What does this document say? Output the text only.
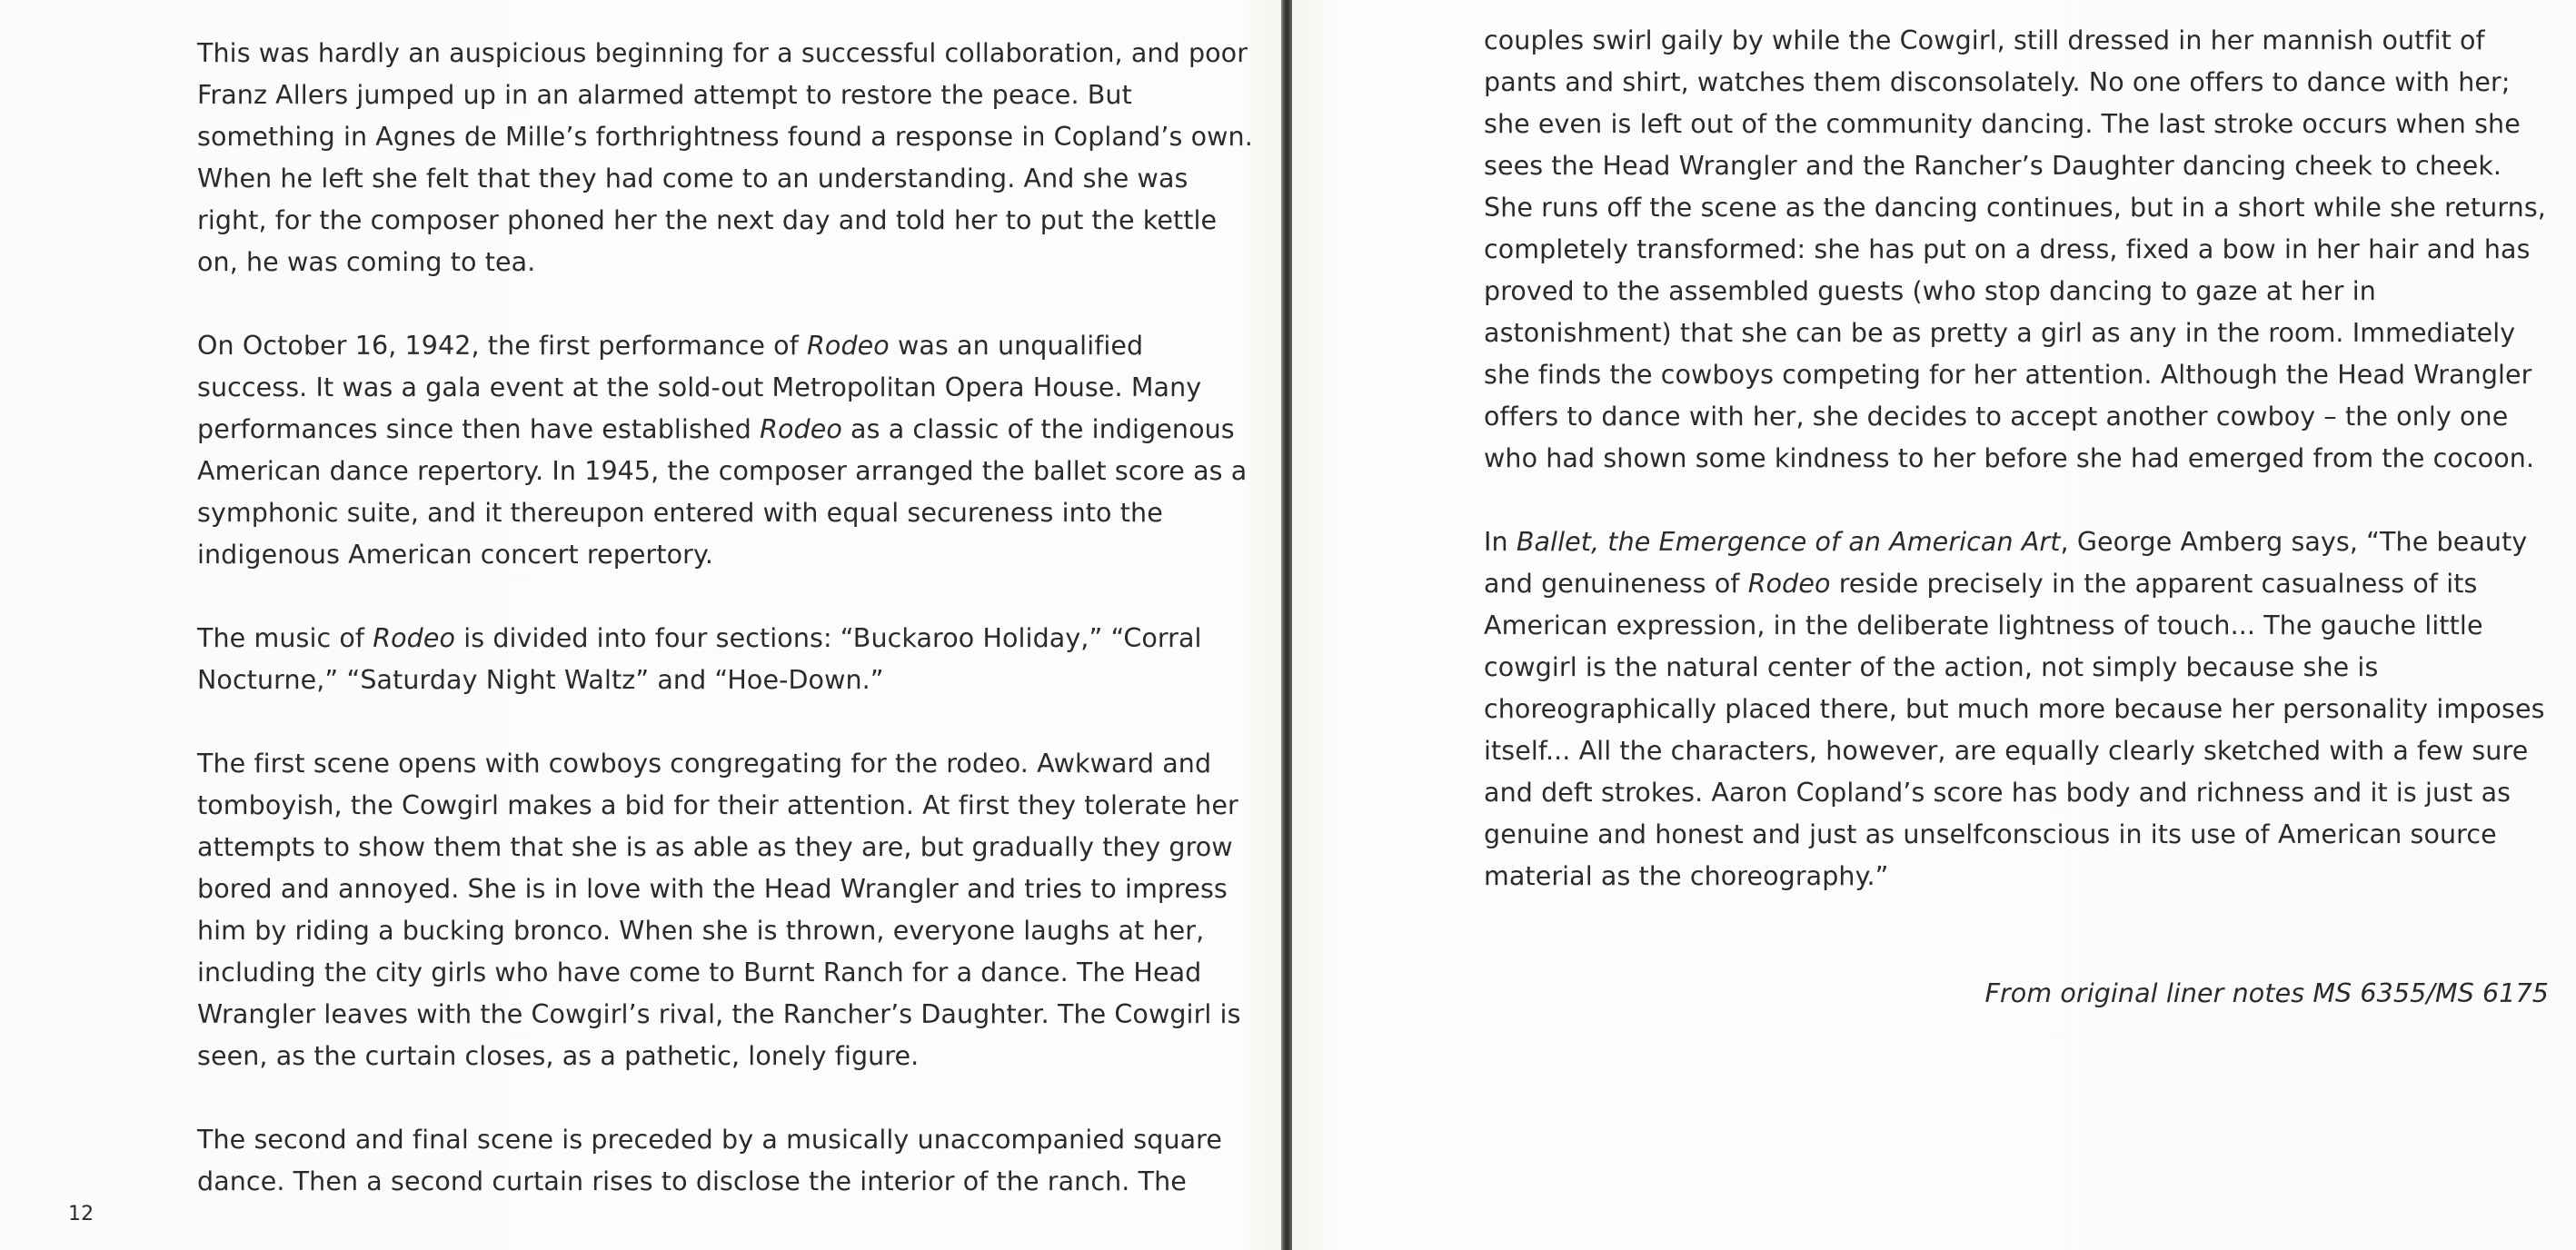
This was hardly an auspicious beginning for a successful collaboration, and poor Franz Allers jumped up in an alarmed attempt to restore the peace. But something in Agnes de Mille’s forthrightness found a response in Copland’s own. When he left she felt that they had come to an understanding. And she was right, for the composer phoned her the next day and told her to put the kettle on, he was coming to tea.

On October 16, 1942, the first performance of Rodeo was an unqualified success. It was a gala event at the sold-out Metropolitan Opera House. Many performances since then have established Rodeo as a classic of the indigenous American dance repertory. In 1945, the composer arranged the ballet score as a symphonic suite, and it thereupon entered with equal secureness into the indigenous American concert repertory.

The music of Rodeo is divided into four sections: “Buckaroo Holiday,” “Corral Nocturne,” “Saturday Night Waltz” and “Hoe-Down.”

The first scene opens with cowboys congregating for the rodeo. Awkward and tomboyish, the Cowgirl makes a bid for their attention. At first they tolerate her attempts to show them that she is as able as they are, but gradually they grow bored and annoyed. She is in love with the Head Wrangler and tries to impress him by riding a bucking bronco. When she is thrown, everyone laughs at her, including the city girls who have come to Burnt Ranch for a dance. The Head Wrangler leaves with the Cowgirl’s rival, the Rancher’s Daughter. The Cowgirl is seen, as the curtain closes, as a pathetic, lonely figure.

The second and final scene is preceded by a musically unaccompanied square dance. Then a second curtain rises to disclose the interior of the ranch. The

12

couples swirl gaily by while the Cowgirl, still dressed in her mannish outfit of pants and shirt, watches them disconsolately. No one offers to dance with her; she even is left out of the community dancing. The last stroke occurs when she sees the Head Wrangler and the Rancher’s Daughter dancing cheek to cheek. She runs off the scene as the dancing continues, but in a short while she returns, completely transformed: she has put on a dress, fixed a bow in her hair and has proved to the assembled guests (who stop dancing to gaze at her in astonishment) that she can be as pretty a girl as any in the room. Immediately she finds the cowboys competing for her attention. Although the Head Wrangler offers to dance with her, she decides to accept another cowboy – the only one who had shown some kindness to her before she had emerged from the cocoon.

In Ballet, the Emergence of an American Art, George Amberg says, “The beauty and genuineness of Rodeo reside precisely in the apparent casualness of its American expression, in the deliberate lightness of touch... The gauche little cowgirl is the natural center of the action, not simply because she is choreographically placed there, but much more because her personality imposes itself... All the characters, however, are equally clearly sketched with a few sure and deft strokes. Aaron Copland’s score has body and richness and it is just as genuine and honest and just as unselfconscious in its use of American source material as the choreography.”

From original liner notes MS 6355/MS 6175
